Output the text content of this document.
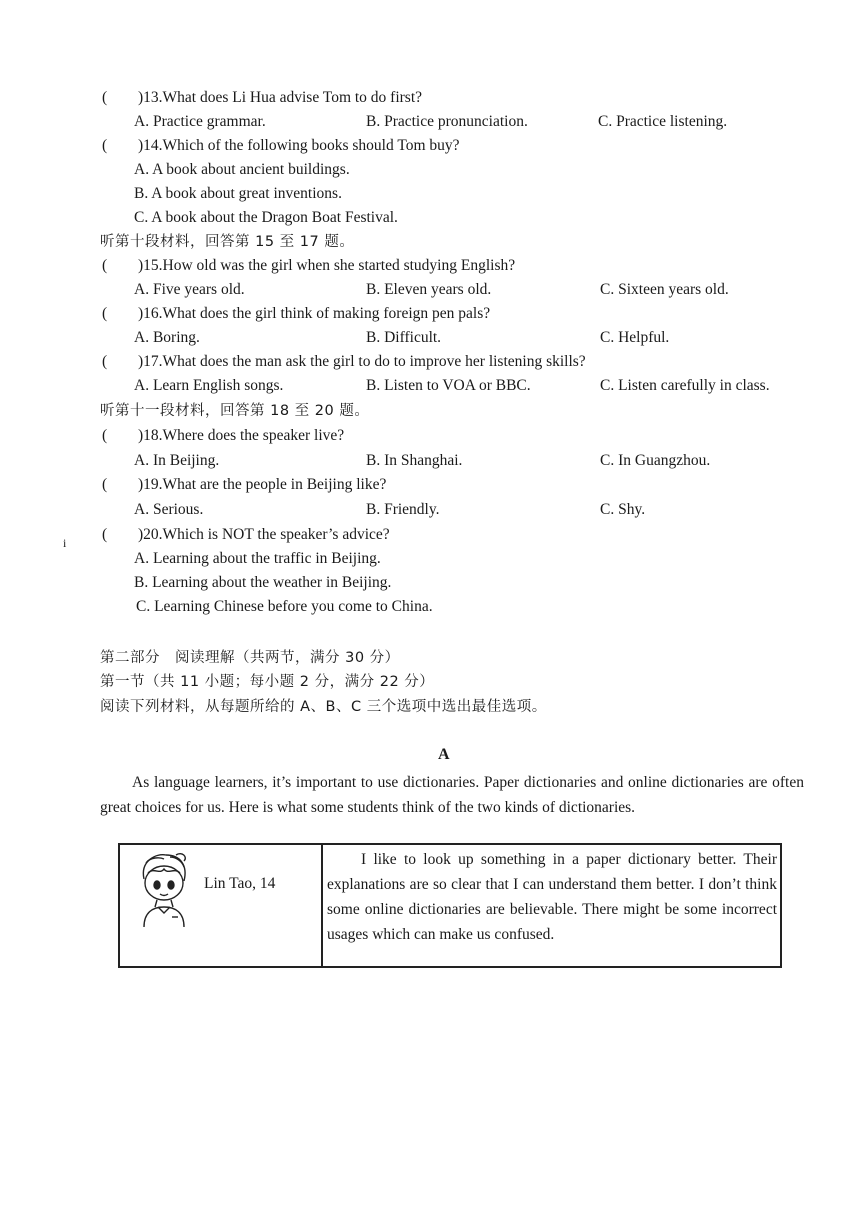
( )13.What does Li Hua advise Tom to do first?
A. Practice grammar.	B. Practice pronunciation.	C. Practice listening.
( )14.Which of the following books should Tom buy?
A. A book about ancient buildings.
B. A book about great inventions.
C. A book about the Dragon Boat Festival.
听第十段材料，回答第 15 至 17 题。
( )15.How old was the girl when she started studying English?
A. Five years old.	B. Eleven years old.	C. Sixteen years old.
( )16.What does the girl think of making foreign pen pals?
A. Boring.	B. Difficult.	C. Helpful.
( )17.What does the man ask the girl to do to improve her listening skills?
A. Learn English songs.	B. Listen to VOA or BBC.	C. Listen carefully in class.
听第十一段材料，回答第 18 至 20 题。
( )18.Where does the speaker live?
A. In Beijing.	B. In Shanghai.	C. In Guangzhou.
( )19.What are the people in Beijing like?
A. Serious.	B. Friendly.	C. Shy.
i ( )20.Which is NOT the speaker’s advice?
A. Learning about the traffic in Beijing.
B. Learning about the weather in Beijing.
C. Learning Chinese before you come to China.
第二部分　阅读理解（共两节，满分 30 分）
第一节（共 11 小题；每小题 2 分，满分 22 分）
阅读下列材料，从每题所给的 A、B、C 三个选项中选出最佳选项。
A
As language learners, it’s important to use dictionaries. Paper dictionaries and online dictionaries are often great choices for us. Here is what some students think of the two kinds of dictionaries.
Lin Tao, 14
I like to look up something in a paper dictionary better. Their explanations are so clear that I can understand them better. I don’t think some online dictionaries are believable. There might be some incorrect usages which can make us confused.
